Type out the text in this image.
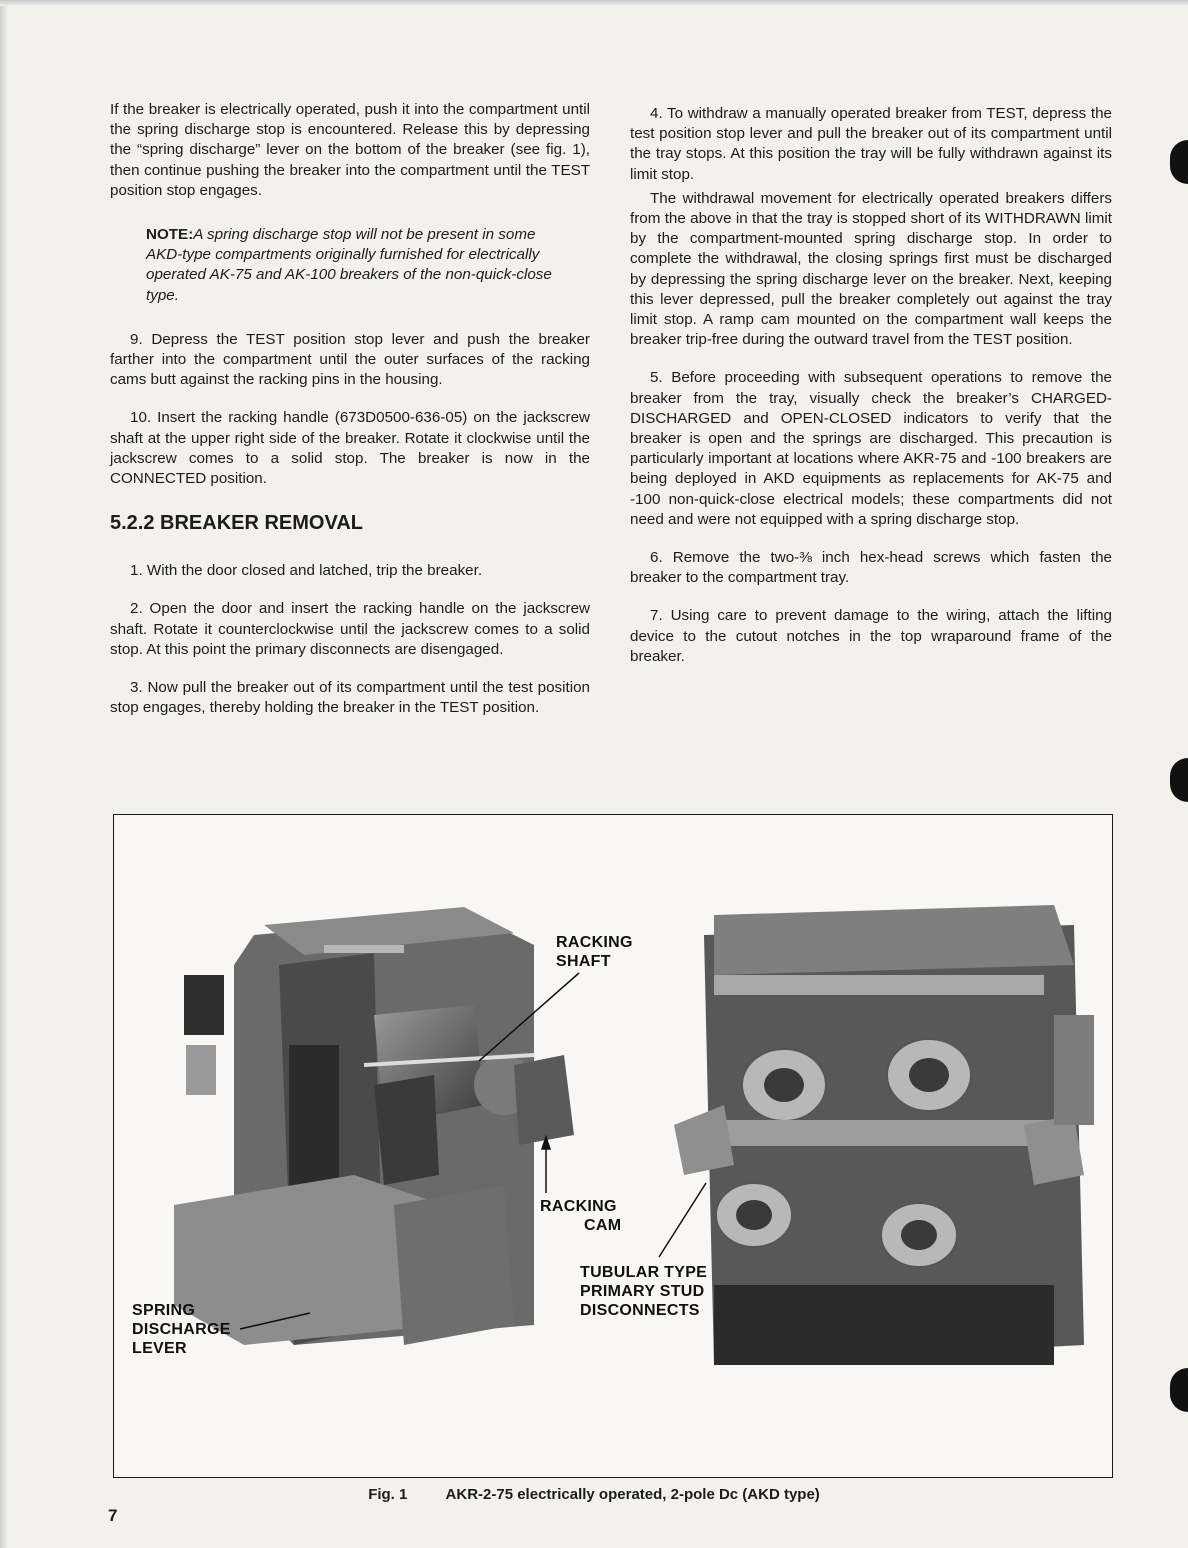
If the breaker is electrically operated, push it into the compartment until the spring discharge stop is encountered. Release this by depressing the “spring discharge” lever on the bottom of the breaker (see fig. 1), then continue pushing the breaker into the compartment until the TEST position stop engages.

NOTE:A spring discharge stop will not be present in some AKD-type compartments originally furnished for electrically operated AK-75 and AK-100 breakers of the non-quick-close type.

9. Depress the TEST position stop lever and push the breaker farther into the compartment until the outer surfaces of the racking cams butt against the racking pins in the housing.

10. Insert the racking handle (673D0500-636-05) on the jackscrew shaft at the upper right side of the breaker. Rotate it clockwise until the jackscrew comes to a solid stop. The breaker is now in the CONNECTED position.

5.2.2 BREAKER REMOVAL

1. With the door closed and latched, trip the breaker.

2. Open the door and insert the racking handle on the jackscrew shaft. Rotate it counterclockwise until the jackscrew comes to a solid stop. At this point the primary disconnects are disengaged.

3. Now pull the breaker out of its compartment until the test position stop engages, thereby holding the breaker in the TEST position.

4. To withdraw a manually operated breaker from TEST, depress the test position stop lever and pull the breaker out of its compartment until the tray stops. At this position the tray will be fully withdrawn against its limit stop.

The withdrawal movement for electrically operated breakers differs from the above in that the tray is stopped short of its WITHDRAWN limit by the compartment-mounted spring discharge stop. In order to complete the withdrawal, the closing springs first must be discharged by depressing the spring discharge lever on the breaker. Next, keeping this lever depressed, pull the breaker completely out against the tray limit stop. A ramp cam mounted on the compartment wall keeps the breaker trip-free during the outward travel from the TEST position.

5. Before proceeding with subsequent operations to remove the breaker from the tray, visually check the breaker’s CHARGED-DISCHARGED and OPEN-CLOSED indicators to verify that the breaker is open and the springs are discharged. This precaution is particularly important at locations where AKR-75 and -100 breakers are being deployed in AKD equipments as replacements for AK-75 and -100 non-quick-close electrical models; these compartments did not need and were not equipped with a spring discharge stop.

6. Remove the two-⅜ inch hex-head screws which fasten the breaker to the compartment tray.

7. Using care to prevent damage to the wiring, attach the lifting device to the cutout notches in the top wraparound frame of the breaker.

RACKING
SHAFT
RACKING
CAM
TUBULAR TYPE
PRIMARY STUD
DISCONNECTS
SPRING
DISCHARGE
LEVER
Fig. 1	AKR-2-75 electrically operated, 2-pole Dc (AKD type)
7
